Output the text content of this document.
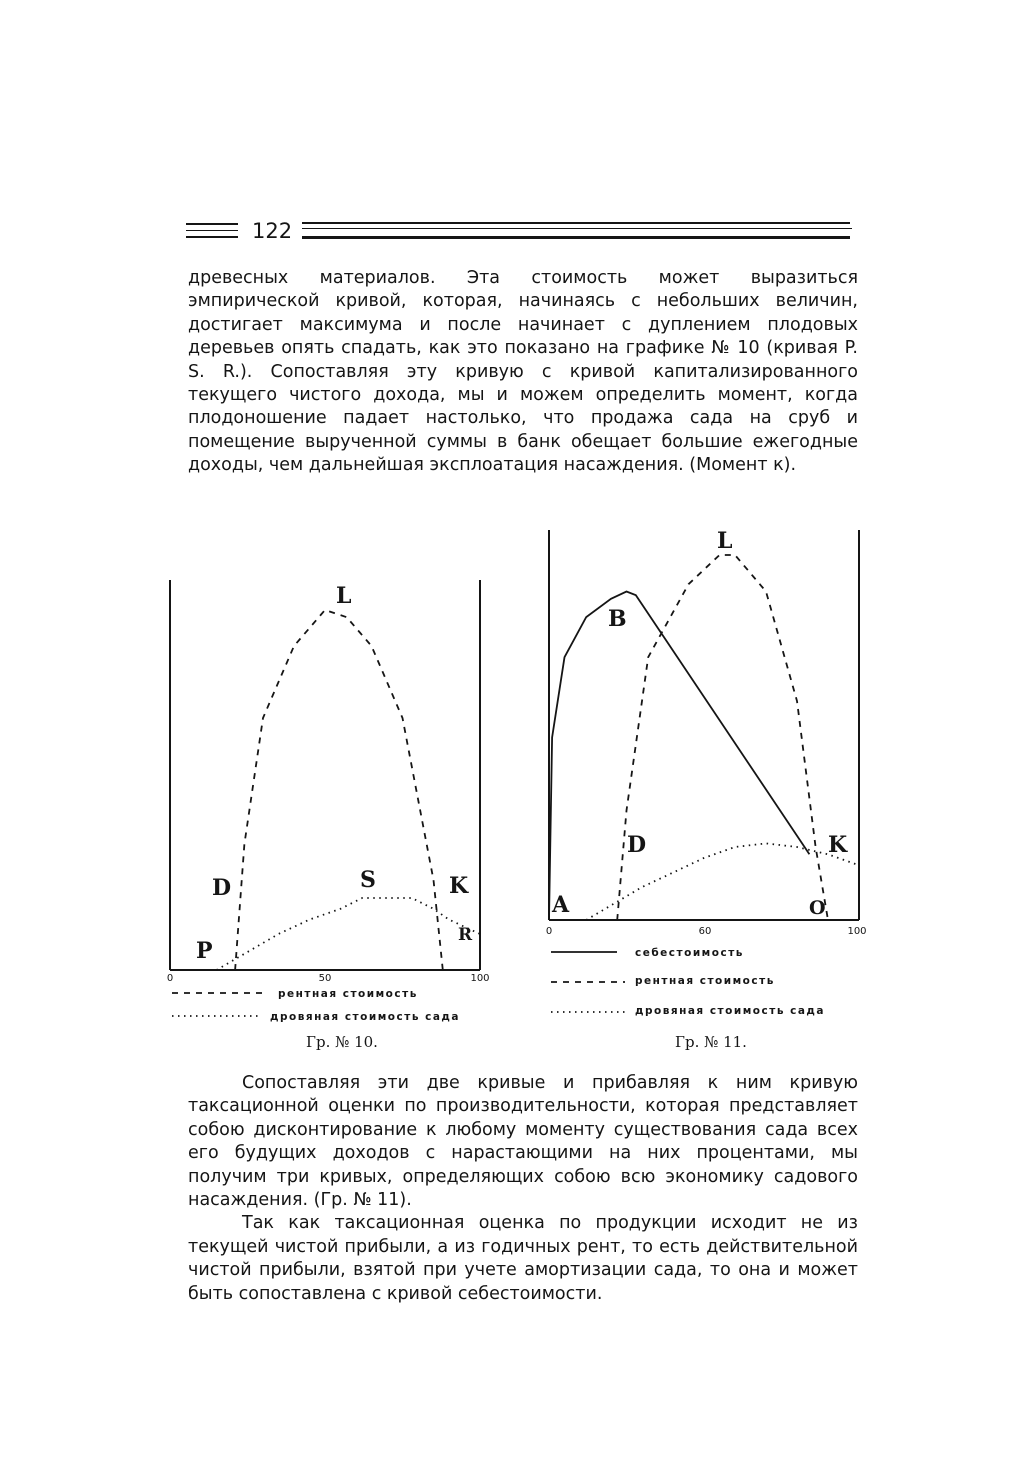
122

древесных материалов. Эта стоимость может выразиться эмпирической кривой, которая, начинаясь с небольших величин, достигает максимума и после начинает с дуплением плодовых деревьев опять спадать, как это показано на графике № 10 (кривая P. S. R.). Сопоставляя эту кривую с кривой капитализированного текущего чистого дохода, мы и можем определить момент, когда плодоношение падает настолько, что продажа сада на сруб и помещение вырученной суммы в банк обещает большие ежегодные доходы, чем дальнейшая эксплоатация насаждения. (Момент к).

0	50	100
L
D	S	K
P
R
рентная стоимость
дровяная стоимость сада
Гр. № 10.
0	60	100
L
B
D	K
A	O
себестоимость
рентная стоимость
дровяная стоимость сада
Гр. № 11.

Сопоставляя эти две кривые и прибавляя к ним кривую таксационной оценки по производительности, которая представляет собою дисконтирование к любому моменту существования сада всех его будущих доходов с нарастающими на них процентами, мы получим три кривых, определяющих собою всю экономику садового насаждения. (Гр. № 11).

Так как таксационная оценка по продукции исходит не из текущей чистой прибыли, а из годичных рент, то есть действительной чистой прибыли, взятой при учете амортизации сада, то она и может быть сопоставлена с кривой себестоимости.
